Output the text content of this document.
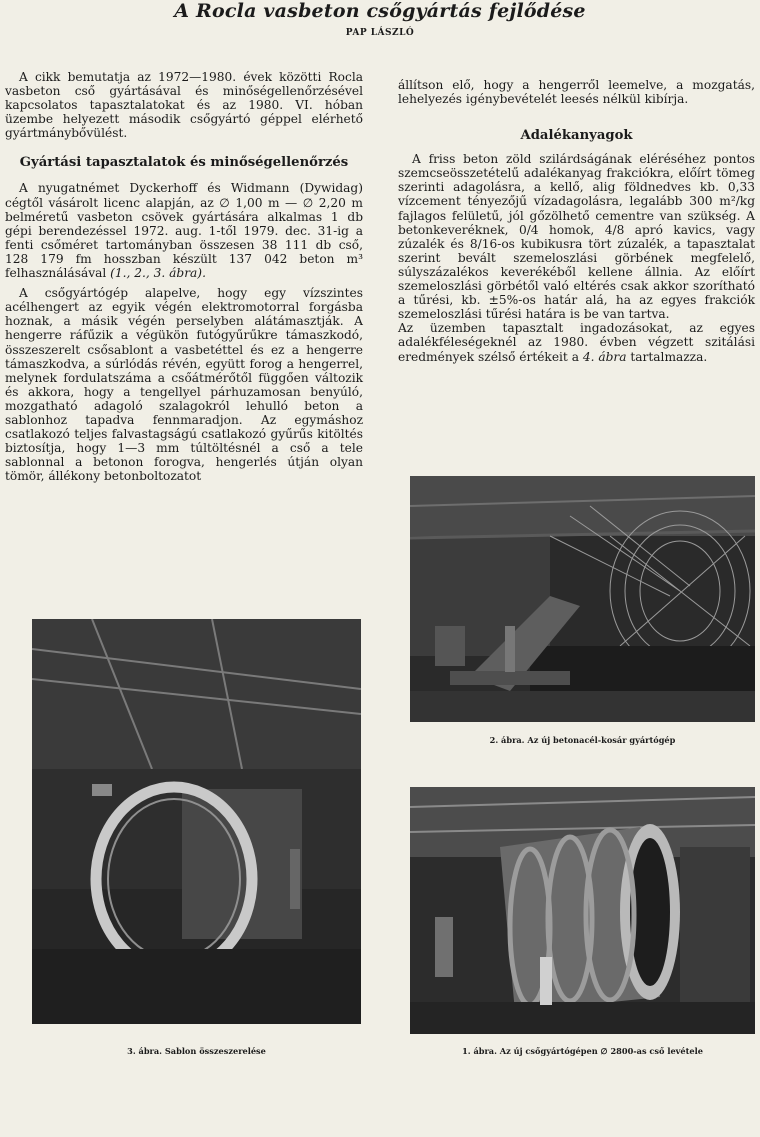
A Rocla vasbeton csőgyártás fejlődése
PAP LÁSZLÓ

A cikk bemutatja az 1972—1980. évek közötti Rocla vasbeton cső gyártásával és minőségellenőrzésével kapcsolatos tapasztalatokat és az 1980. VI. hóban üzembe helyezett második csőgyártó géppel elérhető gyártmánybővülést.

Gyártási tapasztalatok és minőségellenőrzés

A nyugatnémet Dyckerhoff és Widmann (Dywidag) cégtől vásárolt licenc alapján, az ∅ 1,00 m — ∅ 2,20 m belméretű vasbeton csövek gyártására alkalmas 1 db gépi berendezéssel 1972. aug. 1-től 1979. dec. 31-ig a fenti csőméret tartományban összesen 38 111 db cső, 128 179 fm hosszban készült 137 042 beton m³ felhasználásával (1., 2., 3. ábra).

A csőgyártógép alapelve, hogy egy vízszintes acélhengert az egyik végén elektromotorral forgásba hoznak, a másik végén perselyben alátámasztják. A hengerre ráfűzik a végükön futógyűrűkre támaszkodó, összeszerelt csősablont a vasbetéttel és ez a hengerre támaszkodva, a súrlódás révén, együtt forog a hengerrel, melynek fordulatszáma a csőátmérőtől függően változik és akkora, hogy a tengellyel párhuzamosan benyúló, mozgatható adagoló szalagokról lehulló beton a sablonhoz tapadva fennmaradjon. Az egymáshoz csatlakozó teljes falvastagságú csatlakozó gyűrűs kitöltés biztosítja, hogy 1—3 mm túltöltésnél a cső a tele sablonnal a betonon forogva, hengerlés útján olyan tömör, állékony betonboltozatot

állítson elő, hogy a hengerről leemelve, a mozgatás, lehelyezés igénybevételét leesés nélkül kibírja.

Adalékanyagok

A friss beton zöld szilárdságának eléréséhez pontos szemcseösszetételű adalékanyag frakciókra, előírt tömeg szerinti adagolásra, a kellő, alig földnedves kb. 0,33 vízcement tényezőjű vízadagolásra, legalább 300 m²/kg fajlagos felületű, jól gőzölhető cementre van szükség. A betonkeveréknek, 0/4 homok, 4/8 apró kavics, vagy zúzalék és 8/16-os kubikusra tört zúzalék, a tapasztalat szerint bevált szemeloszlási görbének megfelelő, súlyszázalékos keverékéből kellene állnia. Az előírt szemeloszlási görbétől való eltérés csak akkor szorítható a tűrési, kb. ±5%-os határ alá, ha az egyes frakciók szemeloszlási tűrési határa is be van tartva.

Az üzemben tapasztalt ingadozásokat, az egyes adalékféleségeknél az 1980. évben végzett szitálási eredmények szélső értékeit a 4. ábra tartalmazza.

2. ábra. Az új betonacél-kosár gyártógép
3. ábra. Sablon összeszerelése	1. ábra. Az új csőgyártógépen ∅ 2800-as cső levétele
